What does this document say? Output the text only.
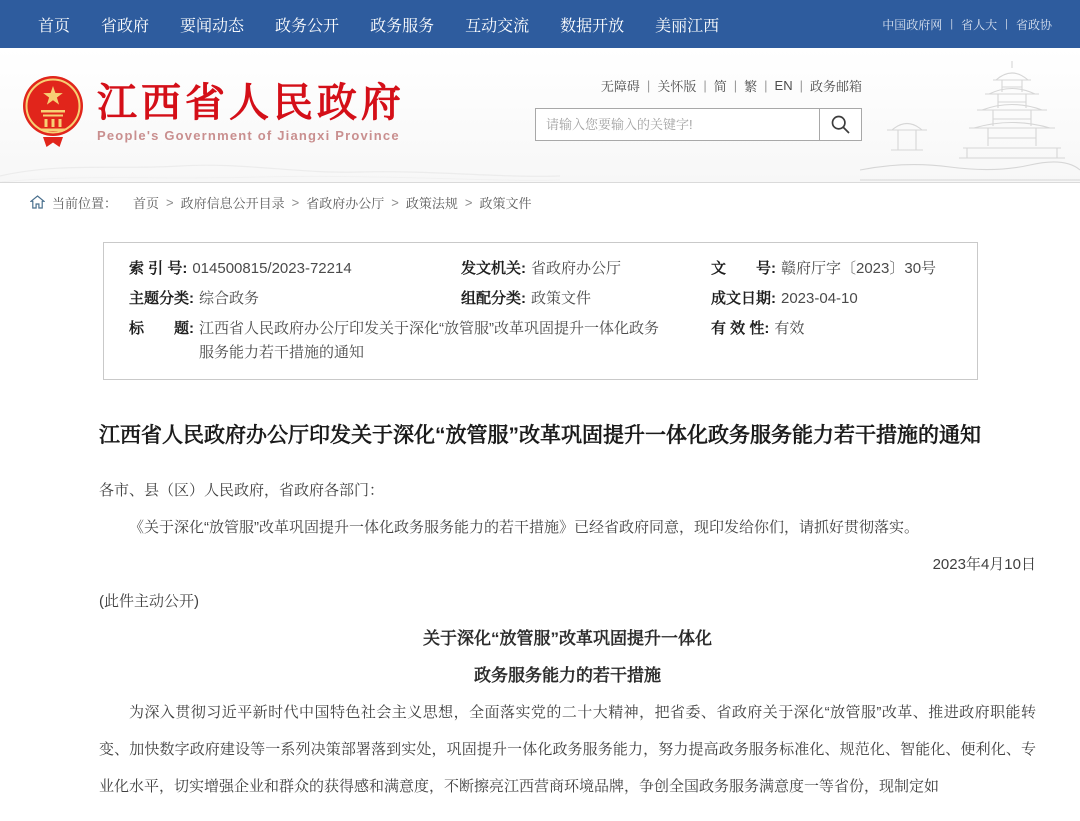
首页 省政府 要闻动态 政务公开 政务服务 互动交流 数据开放 美丽江西	中国政府网 | 省人大 | 省政协
江西省人民政府
People's Government of Jiangxi Province
无障碍 | 关怀版 | 简 | 繁 | EN | 政务邮箱
请输入您要输入的关键字!
当前位置： 首页 > 政府信息公开目录 > 省政府办公厅 > 政策法规 > 政策文件
索 引 号: 014500815/2023-72214	发文机关: 省政府办公厅	文　　号: 赣府厅字〔2023〕30号
主题分类: 综合政务	组配分类: 政策文件	成文日期: 2023-04-10
标　　题: 江西省人民政府办公厅印发关于深化“放管服”改革巩固提升一体化政务服务能力若干措施的通知
有 效 性: 有效
江西省人民政府办公厅印发关于深化“放管服”改革巩固提升一体化政务服务能力若干措施的通知

各市、县（区）人民政府，省政府各部门：

《关于深化“放管服”改革巩固提升一体化政务服务能力的若干措施》已经省政府同意，现印发给你们，请抓好贯彻落实。

2023年4月10日

(此件主动公开)

关于深化“放管服”改革巩固提升一体化

政务服务能力的若干措施

为深入贯彻习近平新时代中国特色社会主义思想，全面落实党的二十大精神，把省委、省政府关于深化“放管服”改革、推进政府职能转变、加快数字政府建设等一系列决策部署落到实处，巩固提升一体化政务服务能力，努力提高政务服务标准化、规范化、智能化、便利化、专业化水平，切实增强企业和群众的获得感和满意度，不断擦亮江西营商环境品牌，争创全国政务服务满意度一等省份，现制定如
